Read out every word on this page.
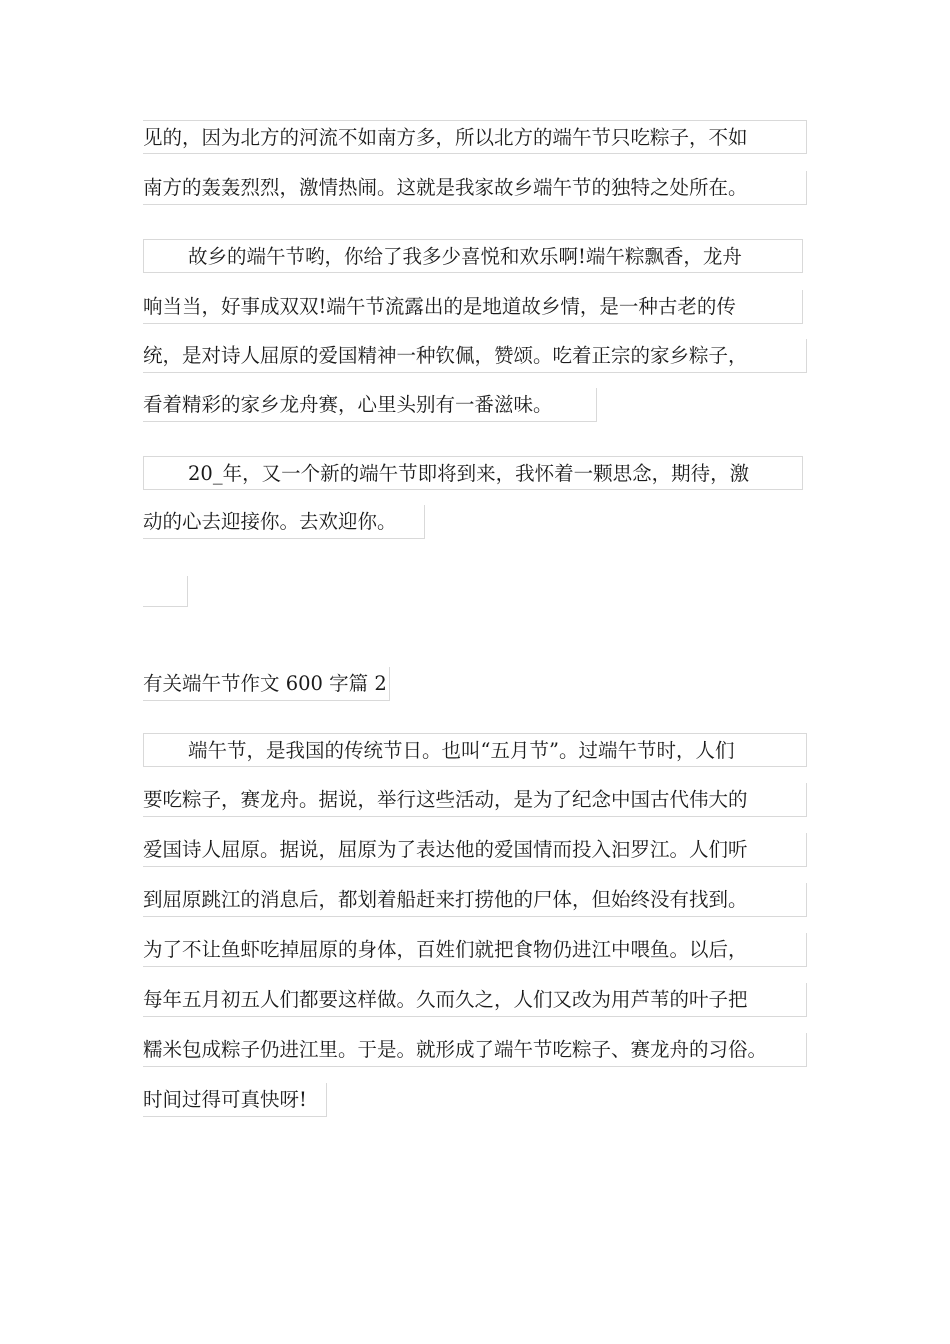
见的，因为北方的河流不如南方多，所以北方的端午节只吃粽子，不如
南方的轰轰烈烈，激情热闹。这就是我家故乡端午节的独特之处所在。
故乡的端午节哟，你给了我多少喜悦和欢乐啊!端午粽飘香，龙舟
响当当，好事成双双!端午节流露出的是地道故乡情，是一种古老的传
统，是对诗人屈原的爱国精神一种钦佩，赞颂。吃着正宗的家乡粽子，
看着精彩的家乡龙舟赛，心里头别有一番滋味。
20_年，又一个新的端午节即将到来，我怀着一颗思念，期待，激
动的心去迎接你。去欢迎你。
有关端午节作文 600 字篇 2
端午节，是我国的传统节日。也叫“五月节”。过端午节时，人们
要吃粽子，赛龙舟。据说，举行这些活动，是为了纪念中国古代伟大的
爱国诗人屈原。据说，屈原为了表达他的爱国情而投入汩罗江。人们听
到屈原跳江的消息后，都划着船赶来打捞他的尸体，但始终没有找到。
为了不让鱼虾吃掉屈原的身体，百姓们就把食物仍进江中喂鱼。以后，
每年五月初五人们都要这样做。久而久之，人们又改为用芦苇的叶子把
糯米包成粽子仍进江里。于是。就形成了端午节吃粽子、赛龙舟的习俗。
时间过得可真快呀!
